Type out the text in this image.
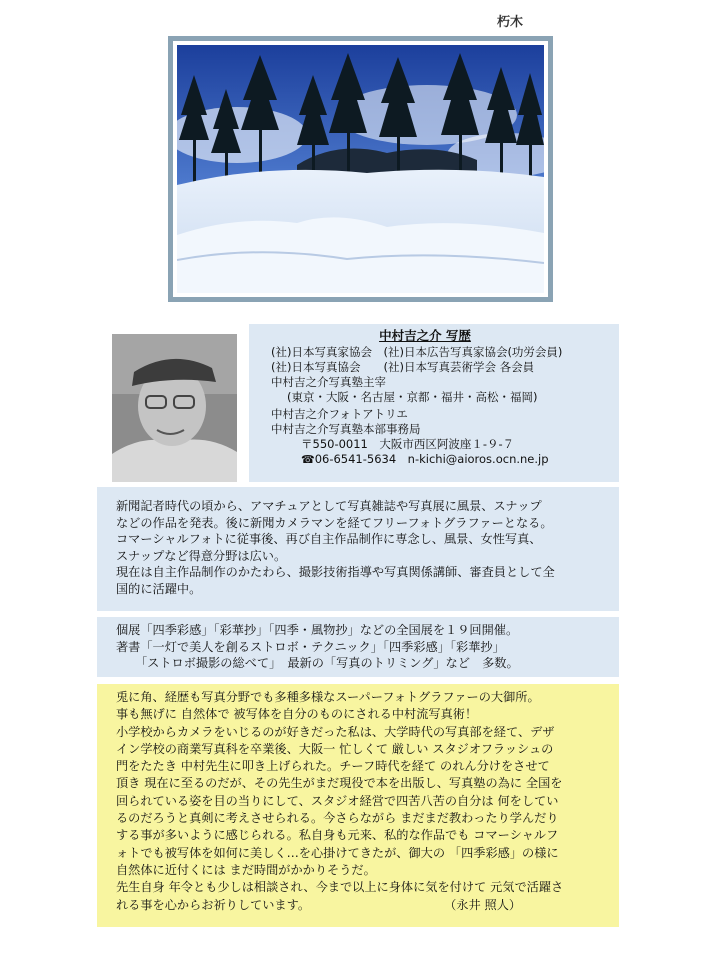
朽木
中村吉之介 写歴
(社)日本写真家協会　(社)日本広告写真家協会(功労会員)
(社)日本写真協会　　(社)日本写真芸術学会 各会員
中村吉之介写真塾主宰
(東京・大阪・名古屋・京都・福井・高松・福岡)
中村吉之介フォトアトリエ
中村吉之介写真塾本部事務局
〒550-0011　大阪市西区阿波座１-９-７
☎06-6541-5634　n-kichi@aioros.ocn.ne.jp
新聞記者時代の頃から、アマチュアとして写真雑誌や写真展に風景、スナップ
などの作品を発表。後に新聞カメラマンを経てフリーフォトグラファーとなる。
コマーシャルフォトに従事後、再び自主作品制作に専念し、風景、女性写真、
スナップなど得意分野は広い。
現在は自主作品制作のかたわら、撮影技術指導や写真関係講師、審査員として全
国的に活躍中。
個展「四季彩感」「彩華抄」「四季・風物抄」などの全国展を１９回開催。
著書「一灯で美人を創るストロボ・テクニック」「四季彩感」「彩華抄」
「ストロボ撮影の総べて」　最新の「写真のトリミング」など　多数。
兎に角、経歴も写真分野でも多種多様なスーパーフォトグラファーの大御所。
事も無げに 自然体で 被写体を自分のものにされる中村流写真術！
小学校からカメラをいじるのが好きだった私は、大学時代の写真部を経て、デザ
イン学校の商業写真科を卒業後、大阪一 忙しくて 厳しい スタジオフラッシュの
門をたたき 中村先生に叩き上げられた。チーフ時代を経て のれん分けをさせて
頂き 現在に至るのだが、その先生がまだ現役で本を出版し、写真塾の為に 全国を
回られている姿を目の当りにして、スタジオ経営で四苦八苦の自分は 何をしてい
るのだろうと真剣に考えさせられる。今さらながら まだまだ教わったり学んだり
する事が多いように感じられる。私自身も元来、私的な作品でも コマーシャルフ
ォトでも被写体を如何に美しく…を心掛けてきたが、御大の 「四季彩感」の様に
自然体に近付くには まだ時間がかかりそうだ。
先生自身 年令とも少しは相談され、今まで以上に身体に気を付けて 元気で活躍さ
れる事を心からお祈りしています。　　　　　　　　　　　　（永井 照人）
